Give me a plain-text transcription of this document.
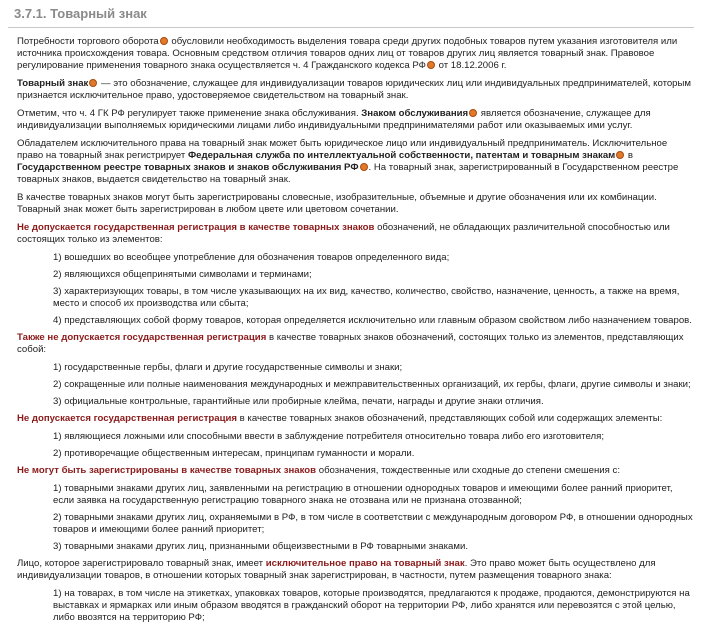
3.7.1. Товарный знак

Потребности торгового оборота обусловили необходимость выделения товара среди других подобных товаров путем указания изготовителя или источника происхождения товара. Основным средством отличия товаров одних лиц от товаров других лиц является товарный знак. Правовое регулирование применения товарного знака осуществляется ч. 4 Гражданского кодекса РФ от 18.12.2006 г.

Товарный знак — это обозначение, служащее для индивидуализации товаров юридических лиц или индивидуальных предпринимателей, которым признается исключительное право, удостоверяемое свидетельством на товарный знак.

Отметим, что ч. 4 ГК РФ регулирует также применение знака обслуживания. Знаком обслуживания является обозначение, служащее для индивидуализации выполняемых юридическими лицами либо индивидуальными предпринимателями работ или оказываемых ими услуг.

Обладателем исключительного права на товарный знак может быть юридическое лицо или индивидуальный предприниматель. Исключительное право на товарный знак регистрирует Федеральная служба по интеллектуальной собственности, патентам и товарным знакам в Государственном реестре товарных знаков и знаков обслуживания РФ . На товарный знак, зарегистрированный в Государственном реестре товарных знаков, выдается свидетельство на товарный знак.

В качестве товарных знаков могут быть зарегистрированы словесные, изобразительные, объемные и другие обозначения или их комбинации. Товарный знак может быть зарегистрирован в любом цвете или цветовом сочетании.

Не допускается государственная регистрация в качестве товарных знаков обозначений, не обладающих различительной способностью или состоящих только из элементов:

1) вошедших во всеобщее употребление для обозначения товаров определенного вида;

2) являющихся общепринятыми символами и терминами;

3) характеризующих товары, в том числе указывающих на их вид, качество, количество, свойство, назначение, ценность, а также на время, место и способ их производства или сбыта;

4) представляющих собой форму товаров, которая определяется исключительно или главным образом свойством либо назначением товаров.

Также не допускается государственная регистрация в качестве товарных знаков обозначений, состоящих только из элементов, представляющих собой:

1) государственные гербы, флаги и другие государственные символы и знаки;

2) сокращенные или полные наименования международных и межправительственных организаций, их гербы, флаги, другие символы и знаки;

3) официальные контрольные, гарантийные или пробирные клейма, печати, награды и другие знаки отличия.

Не допускается государственная регистрация в качестве товарных знаков обозначений, представляющих собой или содержащих элементы:

1) являющиеся ложными или способными ввести в заблуждение потребителя относительно товара либо его изготовителя;

2) противоречащие общественным интересам, принципам гуманности и морали.

Не могут быть зарегистрированы в качестве товарных знаков обозначения, тождественные или сходные до степени смешения с:

1) товарными знаками других лиц, заявленными на регистрацию в отношении однородных товаров и имеющими более ранний приоритет, если заявка на государственную регистрацию товарного знака не отозвана или не признана отозванной;

2) товарными знаками других лиц, охраняемыми в РФ, в том числе в соответствии с международным договором РФ, в отношении однородных товаров и имеющими более ранний приоритет;

3) товарными знаками других лиц, признанными общеизвестными в РФ товарными знаками.

Лицо, которое зарегистрировало товарный знак, имеет исключительное право на товарный знак. Это право может быть осуществлено для индивидуализации товаров, в отношении которых товарный знак зарегистрирован, в частности, путем размещения товарного знака:

1) на товарах, в том числе на этикетках, упаковках товаров, которые производятся, предлагаются к продаже, продаются, демонстрируются на выставках и ярмарках или иным образом вводятся в гражданский оборот на территории РФ, либо хранятся или перевозятся с этой целью, либо ввозятся на территорию РФ;
